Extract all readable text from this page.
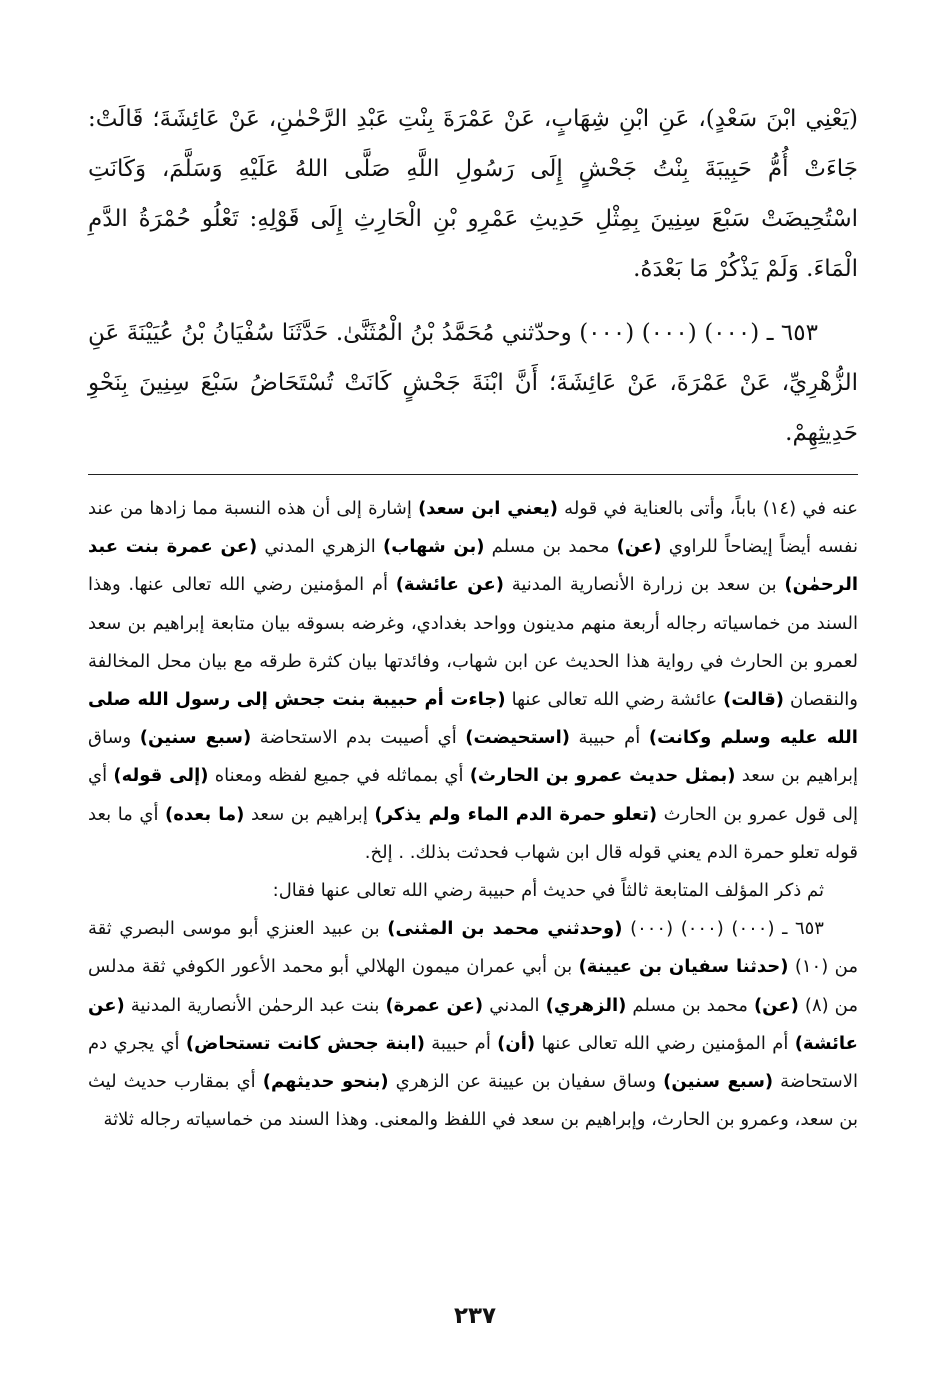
(يَعْنِي ابْنَ سَعْدٍ)، عَنِ ابْنِ شِهَابٍ، عَنْ عَمْرَةَ بِنْتِ عَبْدِ الرَّحْمٰنِ، عَنْ عَائِشَةَ؛ قَالَتْ: جَاءَتْ أُمُّ حَبِيبَةَ بِنْتُ جَحْشٍ إِلَى رَسُولِ اللَّهِ صَلَّى اللهُ عَلَيْهِ وَسَلَّمَ، وَكَانَتِ اسْتُحِيضَتْ سَبْعَ سِنِينَ بِمِثْلِ حَدِيثِ عَمْرِو بْنِ الْحَارِثِ إِلَى قَوْلِهِ: تَعْلُو حُمْرَةُ الدَّمِ الْمَاءَ. وَلَمْ يَذْكُرْ مَا بَعْدَهُ.

٦٥٣ ـ (٠٠٠) (٠٠٠) (٠٠٠) وحدّثني مُحَمَّدُ بْنُ الْمُثَنَّىٰ. حَدَّثَنَا سُفْيَانُ بْنُ عُيَيْنَةَ عَنِ الزُّهْرِيِّ، عَنْ عَمْرَةَ، عَنْ عَائِشَةَ؛ أَنَّ ابْنَةَ جَحْشٍ كَانَتْ تُسْتَحَاضُ سَبْعَ سِنِينَ بِنَحْوِ حَدِيثِهِمْ.

عنه في (١٤) باباً، وأتى بالعناية في قوله (يعني ابن سعد) إشارة إلى أن هذه النسبة مما زادها من عند نفسه أيضاً إيضاحاً للراوي (عن) محمد بن مسلم (بن شهاب) الزهري المدني (عن عمرة بنت عبد الرحمٰن) بن سعد بن زرارة الأنصارية المدنية (عن عائشة) أم المؤمنين رضي الله تعالى عنها. وهذا السند من خماسياته رجاله أربعة منهم مدينون وواحد بغدادي، وغرضه بسوقه بيان متابعة إبراهيم بن سعد لعمرو بن الحارث في رواية هذا الحديث عن ابن شهاب، وفائدتها بيان كثرة طرقه مع بيان محل المخالفة والنقصان (قالت) عائشة رضي الله تعالى عنها (جاءت أم حبيبة بنت جحش إلى رسول الله صلى الله عليه وسلم وكانت) أم حبيبة (استحيضت) أي أصيبت بدم الاستحاضة (سبع سنين) وساق إبراهيم بن سعد (بمثل حديث عمرو بن الحارث) أي بمماثله في جميع لفظه ومعناه (إلى قوله) أي إلى قول عمرو بن الحارث (تعلو حمرة الدم الماء ولم يذكر) إبراهيم بن سعد (ما بعده) أي ما بعد قوله تعلو حمرة الدم يعني قوله قال ابن شهاب فحدثت بذلك. . إلخ.

ثم ذكر المؤلف المتابعة ثالثاً في حديث أم حبيبة رضي الله تعالى عنها فقال:

٦٥٣ ـ (٠٠٠) (٠٠٠) (٠٠٠) (وحدثني محمد بن المثنى) بن عبيد العنزي أبو موسى البصري ثقة من (١٠) (حدثنا سفيان بن عيينة) بن أبي عمران ميمون الهلالي أبو محمد الأعور الكوفي ثقة مدلس من (٨) (عن) محمد بن مسلم (الزهري) المدني (عن عمرة) بنت عبد الرحمٰن الأنصارية المدنية (عن عائشة) أم المؤمنين رضي الله تعالى عنها (أن) أم حبيبة (ابنة جحش كانت تستحاض) أي يجري دم الاستحاضة (سبع سنين) وساق سفيان بن عيينة عن الزهري (بنحو حديثهم) أي بمقارب حديث ليث بن سعد، وعمرو بن الحارث، وإبراهيم بن سعد في اللفظ والمعنى. وهذا السند من خماسياته رجاله ثلاثة

٢٣٧
